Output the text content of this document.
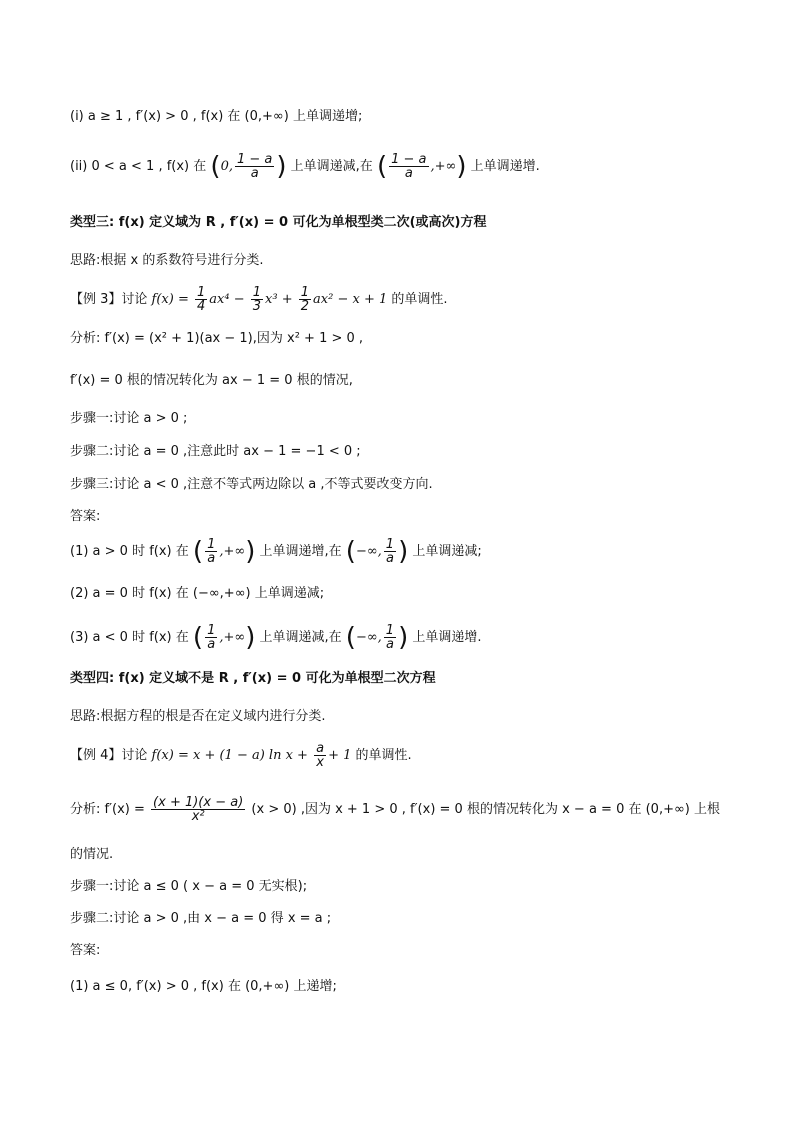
(i) a ≥ 1 , f′(x) > 0 , f(x) 在 (0,+∞) 上单调递增;
(ii) 0 < a < 1 , f(x) 在 (0, $\frac{1 - a}{a}$ ) 上单调递减,在 ( $\frac{1 - a}{a}$ ,+∞) 上单调递增.
类型三: f(x) 定义域为 R , f′(x) = 0 可化为单根型类二次(或高次)方程
思路:根据 x 的系数符号进行分类.
【例 3】讨论 $f(x) = \frac{1}{4} ax^4 - \frac{1}{3} x^3 + \frac{1}{2} ax^2 - x + 1$ 的单调性.
分析: f′(x) = (x² + 1)(ax − 1),因为 x² + 1 > 0 ,
f′(x) = 0 根的情况转化为 ax − 1 = 0 根的情况,
步骤一:讨论 a > 0 ;
步骤二:讨论 a = 0 ,注意此时 ax − 1 = −1 < 0 ;
步骤三:讨论 a < 0 ,注意不等式两边除以 a ,不等式要改变方向.
答案:
(1) a > 0 时 f(x) 在 ( $\frac{1}{a}$ ,+∞) 上单调递增,在 (−∞, $\frac{1}{a}$ ) 上单调递减;
(2) a = 0 时 f(x) 在 (−∞,+∞) 上单调递减;
(3) a < 0 时 f(x) 在 ( $\frac{1}{a}$ ,+∞) 上单调递减,在 (−∞, $\frac{1}{a}$ ) 上单调递增.
类型四: f(x) 定义域不是 R , f′(x) = 0 可化为单根型二次方程
思路:根据方程的根是否在定义域内进行分类.
【例 4】讨论 f(x) = x + (1 − a) $\ln x + \frac{a}{x} + 1$ 的单调性.
分析: $f'(x) = \frac{(x + 1)(x - a)}{\text{x²}} (x > 0)$ ,因为 x + 1 > 0 , f′(x) = 0 根的情况转化为 x − a = 0 在 (0,+∞) 上根
的情况.
步骤一:讨论 a ≤ 0 ( x − a = 0 无实根);
步骤二:讨论 a > 0 ,由 x − a = 0 得 x = a ;
答案:
(1) a ≤ 0, f′(x) > 0 , f(x) 在 (0,+∞) 上递增;
